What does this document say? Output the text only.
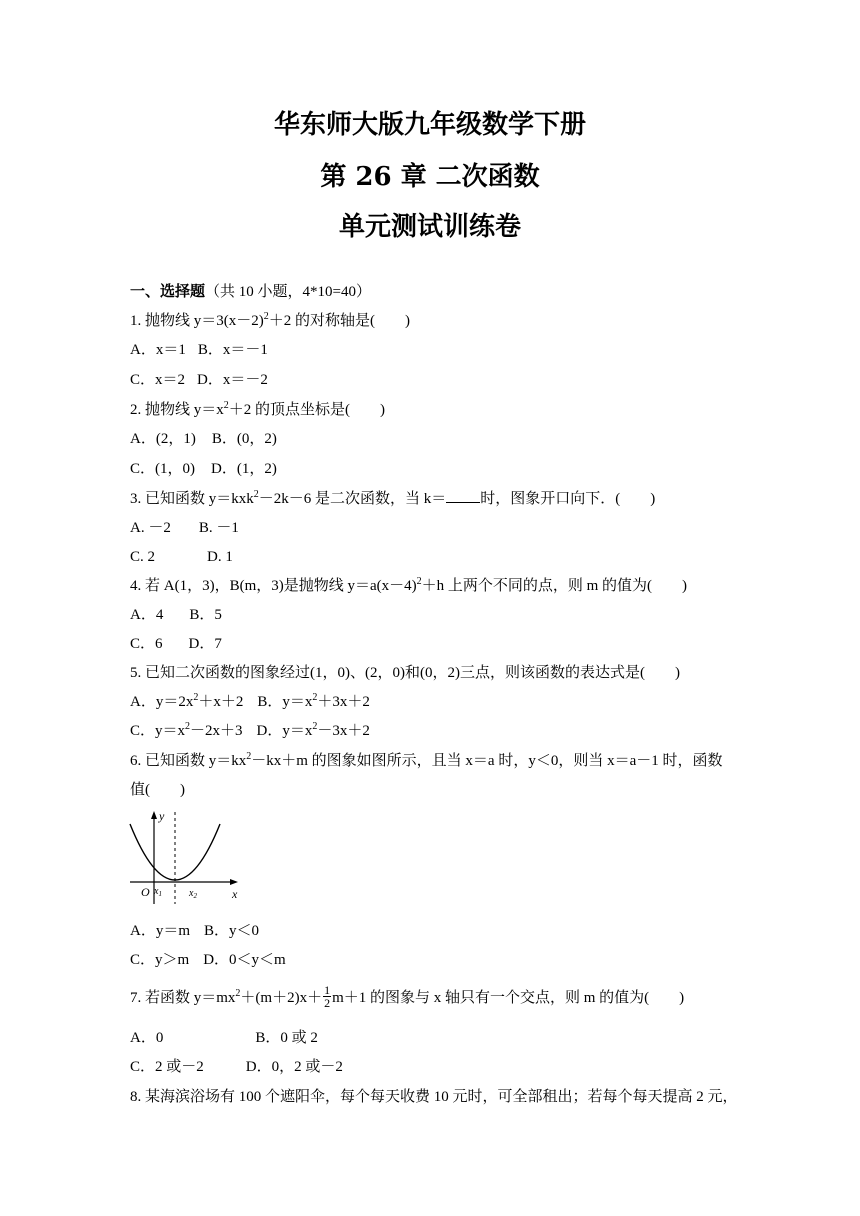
华东师大版九年级数学下册
第 26 章 二次函数
单元测试训练卷
一、选择题（共 10 小题，4*10=40）
1. 抛物线 $y=3(x-2)^2+2$ 的对称轴是(　　)
A．x＝1 B．x＝－1
C．x＝2 D．x＝－2
2. 抛物线 $y=x^2+2$ 的顶点坐标是(　　)
A．(2，1) B．(0，2)
C．(1，0) D．(1，2)
3. 已知函数 y＝kxk$^2$－2k－6 是二次函数，当 k＝ 时，图象开口向下．(　　)
A. －2 B. －1
C. 2	D. 1
4. 若 A(1，3)，B(m，3)是抛物线 $y=a(x-4)^2+h$ 上两个不同的点，则 m 的值为(　　)
A．4 B．5
C．6 D．7
5. 已知二次函数的图象经过(1，0)、(2，0)和(0，2)三点，则该函数的表达式是(　　)
A．$y=2x^2+x+2$ B．$y=x^2+3x+2$
C．$y=x^2-2x+3$ D．$y=x^2-3x+2$
6. 已知函数 $y=kx^2-kx+m$ 的图象如图所示，且当 x＝a 时，y＜0，则当 x＝a－1 时，函数
值(　　)
y
x
O $x_1$	$x_2$
A．y＝m B．y＜0
C．y＞m D．0＜y＜m
7. 若函数 $y=mx^2+(m+2)x+ \frac{1}{2} m+1$ 的图象与 x 轴只有一个交点，则 m 的值为(　　)
A．0	B．0 或 2
C．2 或－2	D．0，2 或－2
8. 某海滨浴场有 100 个遮阳伞，每个每天收费 10 元时，可全部租出；若每个每天提高 2 元，
